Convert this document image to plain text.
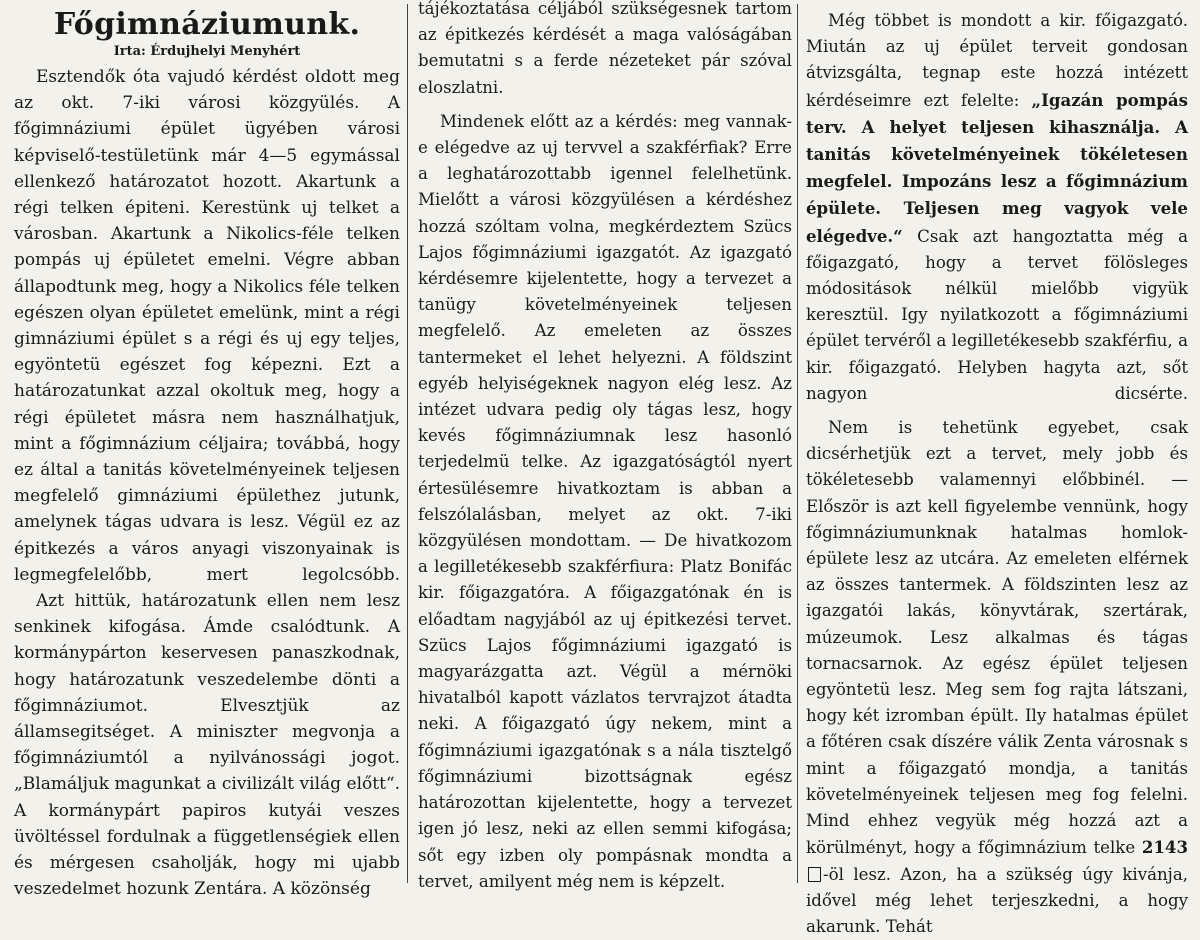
Főgimnáziumunk.
Irta: Érdujhelyi Menyhért

Esztendők óta vajudó kérdést oldott meg az okt. 7-iki városi közgyülés. A főgimnáziumi épület ügyében városi képviselő-testületünk már 4—5 egymással ellenkező határozatot hozott. Akartunk a régi telken épiteni. Kerestünk uj telket a városban. Akartunk a Nikolics-féle telken pompás uj épületet emelni. Végre abban állapodtunk meg, hogy a Nikolics féle telken egészen olyan épületet emelünk, mint a régi gimnáziumi épület s a régi és uj egy teljes, egyöntetü egészet fog képezni. Ezt a határozatunkat azzal okoltuk meg, hogy a régi épületet másra nem használhatjuk, mint a főgimnázium céljaira; továbbá, hogy ez által a tanitás követelményeinek teljesen megfelelő gimnáziumi épülethez jutunk, amelynek tágas udvara is lesz. Végül ez az épitkezés a város anyagi viszonyainak is legmegfelelőbb, mert legolcsóbb.

Azt hittük, határozatunk ellen nem lesz senkinek kifogása. Ámde csalódtunk. A kormánypárton keservesen panaszkodnak, hogy határozatunk veszedelembe dönti a főgimnáziumot. Elvesztjük az államsegitséget. A miniszter megvonja a főgimnáziumtól a nyilvánossági jogot. „Blamáljuk magunkat a civilizált világ előtt“. A kormánypárt papiros kutyái veszes üvöltéssel fordulnak a függetlenségiek ellen és mérgesen csaholják, hogy mi ujabb veszedelmet hozunk Zentára. A közönség

tájékoztatása céljából szükségesnek tartom az épitkezés kérdését a maga valóságában bemutatni s a ferde nézeteket pár szóval eloszlatni.

Mindenek előtt az a kérdés: meg vannak-e elégedve az uj tervvel a szakférfiak? Erre a leghatározottabb igennel felelhetünk. Mielőtt a városi közgyülésen a kérdéshez hozzá szóltam volna, megkérdeztem Szücs Lajos főgimnáziumi igazgatót. Az igazgató kérdésemre kijelentette, hogy a tervezet a tanügy követelményeinek teljesen megfelelő. Az emeleten az összes tantermeket el lehet helyezni. A földszint egyéb helyiségeknek nagyon elég lesz. Az intézet udvara pedig oly tágas lesz, hogy kevés főgimnáziumnak lesz hasonló terjedelmü telke. Az igazgatóságtól nyert értesülésemre hivatkoztam is abban a felszólalásban, melyet az okt. 7-iki közgyülésen mondottam. — De hivatkozom a legilletékesebb szakférfiura: Platz Bonifác kir. főigazgatóra. A főigazgatónak én is előadtam nagyjából az uj épitkezési tervet. Szücs Lajos főgimnáziumi igazgató is magyarázgatta azt. Végül a mérnöki hivatalból kapott vázlatos tervrajzot átadta neki. A főigazgató úgy nekem, mint a főgimnáziumi igazgatónak s a nála tisztelgő főgimnáziumi bizottságnak egész határozottan kijelentette, hogy a tervezet igen jó lesz, neki az ellen semmi kifogása; sőt egy izben oly pompásnak mondta a tervet, amilyent még nem is képzelt.

Még többet is mondott a kir. főigazgató. Miután az uj épület terveit gondosan átvizsgálta, tegnap este hozzá intézett kérdéseimre ezt felelte: „Igazán pompás terv. A helyet teljesen kihasználja. A tanitás követelményeinek tökéletesen megfelel. Impozáns lesz a főgimnázium épülete. Teljesen meg vagyok vele elégedve.“ Csak azt hangoztatta még a főigazgató, hogy a tervet fölösleges módositások nélkül mielőbb vigyük keresztül. Igy nyilatkozott a főgimnáziumi épület tervéről a legilletékesebb szakférfiu, a kir. főigazgató. Helyben hagyta azt, sőt nagyon dicsérte.

Nem is tehetünk egyebet, csak dicsérhetjük ezt a tervet, mely jobb és tökéletesebb valamennyi előbbinél. — Először is azt kell figyelembe vennünk, hogy főgimnáziumunknak hatalmas homlok-épülete lesz az utcára. Az emeleten elférnek az összes tantermek. A földszinten lesz az igazgatói lakás, könyvtárak, szertárak, múzeumok. Lesz alkalmas és tágas tornacsarnok. Az egész épület teljesen egyöntetü lesz. Meg sem fog rajta látszani, hogy két izromban épült. Ily hatalmas épület a főtéren csak díszére válik Zenta városnak s mint a főigazgató mondja, a tanitás követelményeinek teljesen meg fog felelni. Mind ehhez vegyük még hozzá azt a körülményt, hogy a főgimnázium telke 2143 -öl lesz. Azon, ha a szükség úgy kivánja, idővel még lehet terjeszkedni, a hogy akarunk. Tehát
